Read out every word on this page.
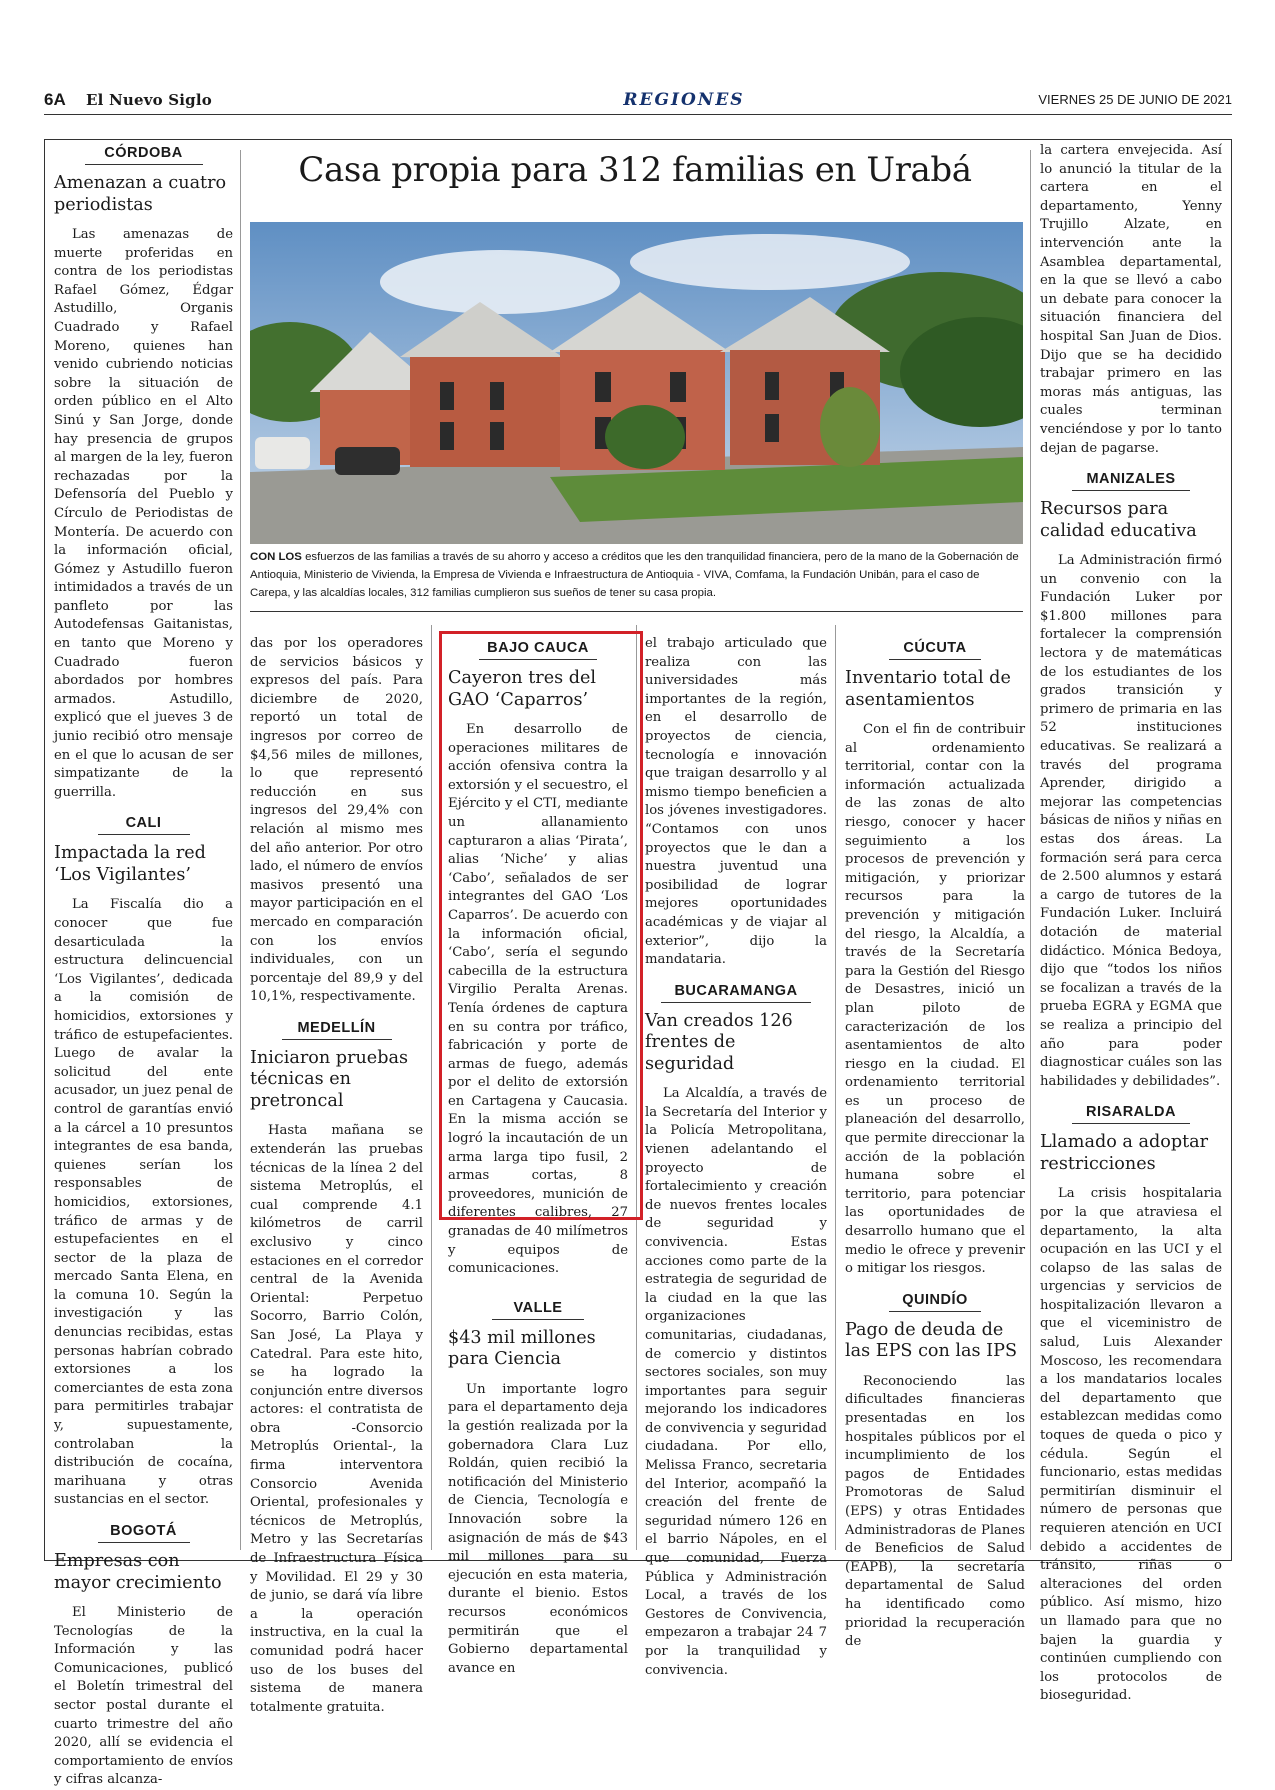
6A El Nuevo Siglo	REGIONES	VIERNES 25 DE JUNIO DE 2021
CÓRDOBA
Amenazan a cuatro periodistas

Las amenazas de muerte proferidas en contra de los periodistas Rafael Gómez, Édgar Astudillo, Organis Cuadrado y Rafael Moreno, quienes han venido cubriendo noticias sobre la situación de orden público en el Alto Sinú y San Jorge, donde hay presencia de grupos al margen de la ley, fueron rechazadas por la Defensoría del Pueblo y Círculo de Periodistas de Montería. De acuerdo con la información oficial, Gómez y Astudillo fueron intimidados a través de un panfleto por las Autodefensas Gaitanistas, en tanto que Moreno y Cuadrado fueron abordados por hombres armados. Astudillo, explicó que el jueves 3 de junio recibió otro mensaje en el que lo acusan de ser simpatizante de la guerrilla.

CALI
Impactada la red ‘Los Vigilantes’

La Fiscalía dio a conocer que fue desarticulada la estructura delincuencial ‘Los Vigilantes’, dedicada a la comisión de homicidios, extorsiones y tráfico de estupefacientes. Luego de avalar la solicitud del ente acusador, un juez penal de control de garantías envió a la cárcel a 10 presuntos integrantes de esa banda, quienes serían los responsables de homicidios, extorsiones, tráfico de armas y de estupefacientes en el sector de la plaza de mercado Santa Elena, en la comuna 10. Según la investigación y las denuncias recibidas, estas personas habrían cobrado extorsiones a los comerciantes de esta zona para permitirles trabajar y, supuestamente, controlaban la distribución de cocaína, marihuana y otras sustancias en el sector.

BOGOTÁ
Empresas con mayor crecimiento

El Ministerio de Tecnologías de la Información y las Comunicaciones, publicó el Boletín trimestral del sector postal durante el cuarto trimestre del año 2020, allí se evidencia el comportamiento de envíos y cifras alcanza-

Casa propia para 312 familias en Urabá
CON LOS esfuerzos de las familias a través de su ahorro y acceso a créditos que les den tranquilidad financiera, pero de la mano de la Gobernación de Antioquia, Ministerio de Vivienda, la Empresa de Vivienda e Infraestructura de Antioquia - VIVA, Comfama, la Fundación Unibán, para el caso de Carepa, y las alcaldías locales, 312 familias cumplieron sus sueños de tener su casa propia.

das por los operadores de servicios básicos y expresos del país. Para diciembre de 2020, reportó un total de ingresos por correo de $4,56 miles de millones, lo que representó reducción en sus ingresos del 29,4% con relación al mismo mes del año anterior. Por otro lado, el número de envíos masivos presentó una mayor participación en el mercado en comparación con los envíos individuales, con un porcentaje del 89,9 y del 10,1%, respectivamente.

MEDELLÍN
Iniciaron pruebas técnicas en pretroncal

Hasta mañana se extenderán las pruebas técnicas de la línea 2 del sistema Metroplús, el cual comprende 4.1 kilómetros de carril exclusivo y cinco estaciones en el corredor central de la Avenida Oriental: Perpetuo Socorro, Barrio Colón, San José, La Playa y Catedral. Para este hito, se ha logrado la conjunción entre diversos actores: el contratista de obra -Consorcio Metroplús Oriental-, la firma interventora Consorcio Avenida Oriental, profesionales y técnicos de Metroplús, Metro y las Secretarías de Infraestructura Física y Movilidad. El 29 y 30 de junio, se dará vía libre a la operación instructiva, en la cual la comunidad podrá hacer uso de los buses del sistema de manera totalmente gratuita.

BAJO CAUCA
Cayeron tres del GAO ‘Caparros’

En desarrollo de operaciones militares de acción ofensiva contra la extorsión y el secuestro, el Ejército y el CTI, mediante un allanamiento capturaron a alias ‘Pirata’, alias ‘Niche’ y alias ‘Cabo’, señalados de ser integrantes del GAO ‘Los Caparros’. De acuerdo con la información oficial, ‘Cabo’, sería el segundo cabecilla de la estructura Virgilio Peralta Arenas. Tenía órdenes de captura en su contra por tráfico, fabricación y porte de armas de fuego, además por el delito de extorsión en Cartagena y Caucasia. En la misma acción se logró la incautación de un arma larga tipo fusil, 2 armas cortas, 8 proveedores, munición de diferentes calibres, 27 granadas de 40 milímetros y equipos de comunicaciones.

VALLE
$43 mil millones para Ciencia

Un importante logro para el departamento deja la gestión realizada por la gobernadora Clara Luz Roldán, quien recibió la notificación del Ministerio de Ciencia, Tecnología e Innovación sobre la asignación de más de $43 mil millones para su ejecución en esta materia, durante el bienio. Estos recursos económicos permitirán que el Gobierno departamental avance en

el trabajo articulado que realiza con las universidades más importantes de la región, en el desarrollo de proyectos de ciencia, tecnología e innovación que traigan desarrollo y al mismo tiempo beneficien a los jóvenes investigadores. “Contamos con unos proyectos que le dan a nuestra juventud una posibilidad de lograr mejores oportunidades académicas y de viajar al exterior”, dijo la mandataria.

BUCARAMANGA
Van creados 126 frentes de seguridad

La Alcaldía, a través de la Secretaría del Interior y la Policía Metropolitana, vienen adelantando el proyecto de fortalecimiento y creación de nuevos frentes locales de seguridad y convivencia. Estas acciones como parte de la estrategia de seguridad de la ciudad en la que las organizaciones comunitarias, ciudadanas, de comercio y distintos sectores sociales, son muy importantes para seguir mejorando los indicadores de convivencia y seguridad ciudadana. Por ello, Melissa Franco, secretaria del Interior, acompañó la creación del frente de seguridad número 126 en el barrio Nápoles, en el que comunidad, Fuerza Pública y Administración Local, a través de los Gestores de Convivencia, empezaron a trabajar 24 7 por la tranquilidad y convivencia.

CÚCUTA
Inventario total de asentamientos

Con el fin de contribuir al ordenamiento territorial, contar con la información actualizada de las zonas de alto riesgo, conocer y hacer seguimiento a los procesos de prevención y mitigación, y priorizar recursos para la prevención y mitigación del riesgo, la Alcaldía, a través de la Secretaría para la Gestión del Riesgo de Desastres, inició un plan piloto de caracterización de los asentamientos de alto riesgo en la ciudad. El ordenamiento territorial es un proceso de planeación del desarrollo, que permite direccionar la acción de la población humana sobre el territorio, para potenciar las oportunidades de desarrollo humano que el medio le ofrece y prevenir o mitigar los riesgos.

QUINDÍO
Pago de deuda de las EPS con las IPS

Reconociendo las dificultades financieras presentadas en los hospitales públicos por el incumplimiento de los pagos de Entidades Promotoras de Salud (EPS) y otras Entidades Administradoras de Planes de Beneficios de Salud (EAPB), la secretaría departamental de Salud ha identificado como prioridad la recuperación de

la cartera envejecida. Así lo anunció la titular de la cartera en el departamento, Yenny Trujillo Alzate, en intervención ante la Asamblea departamental, en la que se llevó a cabo un debate para conocer la situación financiera del hospital San Juan de Dios. Dijo que se ha decidido trabajar primero en las moras más antiguas, las cuales terminan venciéndose y por lo tanto dejan de pagarse.

MANIZALES
Recursos para calidad educativa

La Administración firmó un convenio con la Fundación Luker por $1.800 millones para fortalecer la comprensión lectora y de matemáticas de los estudiantes de los grados transición y primero de primaria en las 52 instituciones educativas. Se realizará a través del programa Aprender, dirigido a mejorar las competencias básicas de niños y niñas en estas dos áreas. La formación será para cerca de 2.500 alumnos y estará a cargo de tutores de la Fundación Luker. Incluirá dotación de material didáctico. Mónica Bedoya, dijo que “todos los niños se focalizan a través de la prueba EGRA y EGMA que se realiza a principio del año para poder diagnosticar cuáles son las habilidades y debilidades”.

RISARALDA
Llamado a adoptar restricciones

La crisis hospitalaria por la que atraviesa el departamento, la alta ocupación en las UCI y el colapso de las salas de urgencias y servicios de hospitalización llevaron a que el viceministro de salud, Luis Alexander Moscoso, les recomendara a los mandatarios locales del departamento que establezcan medidas como toques de queda o pico y cédula. Según el funcionario, estas medidas permitirían disminuir el número de personas que requieren atención en UCI debido a accidentes de tránsito, riñas o alteraciones del orden público. Así mismo, hizo un llamado para que no bajen la guardia y continúen cumpliendo con los protocolos de bioseguridad.
